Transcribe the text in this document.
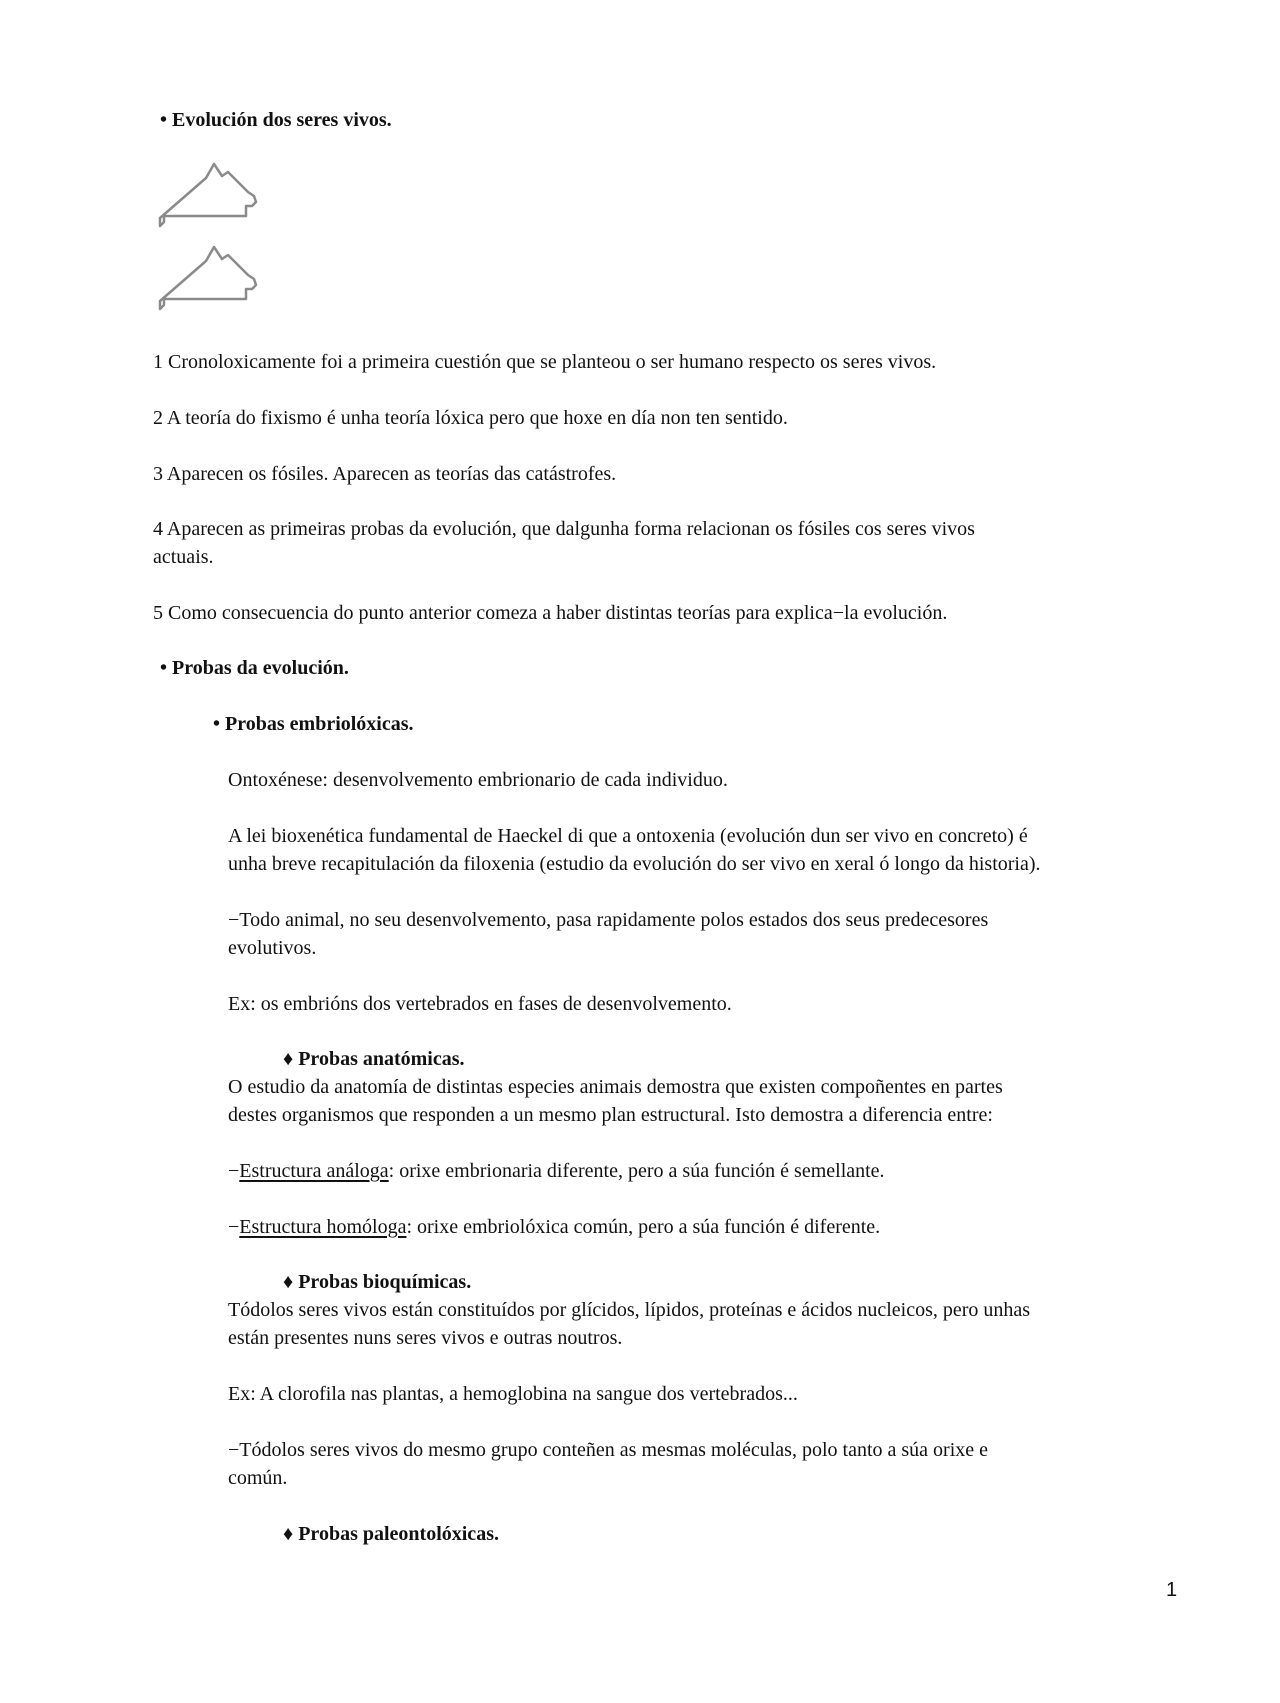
• Evolución dos seres vivos.
1 Cronoloxicamente foi a primeira cuestión que se planteou o ser humano respecto os seres vivos.
2 A teoría do fixismo é unha teoría lóxica pero que hoxe en día non ten sentido.
3 Aparecen os fósiles. Aparecen as teorías das catástrofes.
4 Aparecen as primeiras probas da evolución, que dalgunha forma relacionan os fósiles cos seres vivos
actuais.
5 Como consecuencia do punto anterior comeza a haber distintas teorías para explica−la evolución.
• Probas da evolución.
• Probas embriolóxicas.
Ontoxénese: desenvolvemento embrionario de cada individuo.
A lei bioxenética fundamental de Haeckel di que a ontoxenia (evolución dun ser vivo en concreto) é
unha breve recapitulación da filoxenia (estudio da evolución do ser vivo en xeral ó longo da historia).
−Todo animal, no seu desenvolvemento, pasa rapidamente polos estados dos seus predecesores
evolutivos.
Ex: os embrións dos vertebrados en fases de desenvolvemento.
♦ Probas anatómicas.
O estudio da anatomía de distintas especies animais demostra que existen compoñentes en partes
destes organismos que responden a un mesmo plan estructural. Isto demostra a diferencia entre:
−Estructura análoga: orixe embrionaria diferente, pero a súa función é semellante.
−Estructura homóloga: orixe embriolóxica común, pero a súa función é diferente.
♦ Probas bioquímicas.
Tódolos seres vivos están constituídos por glícidos, lípidos, proteínas e ácidos nucleicos, pero unhas
están presentes nuns seres vivos e outras noutros.
Ex: A clorofila nas plantas, a hemoglobina na sangue dos vertebrados...
−Tódolos seres vivos do mesmo grupo conteñen as mesmas moléculas, polo tanto a súa orixe e
común.
♦ Probas paleontolóxicas.
1
